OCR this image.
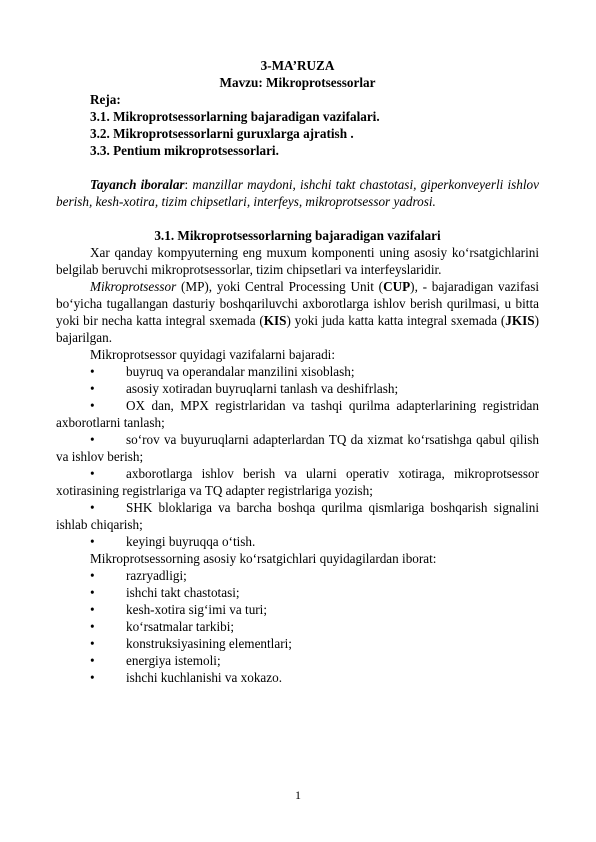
3-MA’RUZA
Mavzu: Mikroprotsessorlar
Reja:
3.1. Mikroprotsessorlarning bajaradigan vazifalari.
3.2. Mikroprotsessorlarni guruxlarga ajratish .
3.3. Pentium mikroprotsessorlari.

Tayanch iboralar: manzillar maydoni, ishchi takt chastotasi, giperkonveyerli ishlov berish, kesh-xotira, tizim chipsetlari, interfeys, mikroprotsessor yadrosi.

3.1. Mikroprotsessorlarning bajaradigan vazifalari

Xar qanday kompyuterning eng muxum komponenti uning asosiy ko‘rsatgichlarini belgilab beruvchi mikroprotsessorlar, tizim chipsetlari va interfeyslaridir.

Mikroprotsessor (MP), yoki Central Processing Unit (CUP), - bajaradigan vazifasi bo‘yicha tugallangan dasturiy boshqariluvchi axborotlarga ishlov berish qurilmasi, u bitta yoki bir necha katta integral sxemada (KIS) yoki juda katta katta integral sxemada (JKIS) bajarilgan.

Mikroprotsessor quyidagi vazifalarni bajaradi:

• buyruq va operandalar manzilini xisoblash;
• asosiy xotiradan buyruqlarni tanlash va deshifrlash;
• OX dan, MPX registrlaridan va tashqi qurilma adapterlarining registridan axborotlarni tanlash;
• so‘rov va buyuruqlarni adapterlardan TQ da xizmat ko‘rsatishga qabul qilish va ishlov berish;
• axborotlarga ishlov berish va ularni operativ xotiraga, mikroprotsessor xotirasining registrlariga va TQ adapter registrlariga yozish;
• SHK bloklariga va barcha boshqa qurilma qismlariga boshqarish signalini ishlab chiqarish;
• keyingi buyruqqa o‘tish.

Mikroprotsessorning asosiy ko‘rsatgichlari quyidagilardan iborat:

• razryadligi;
• ishchi takt chastotasi;
• kesh-xotira sig‘imi va turi;
• ko‘rsatmalar tarkibi;
• konstruksiyasining elementlari;
• energiya istemoli;
• ishchi kuchlanishi va xokazo.
1
